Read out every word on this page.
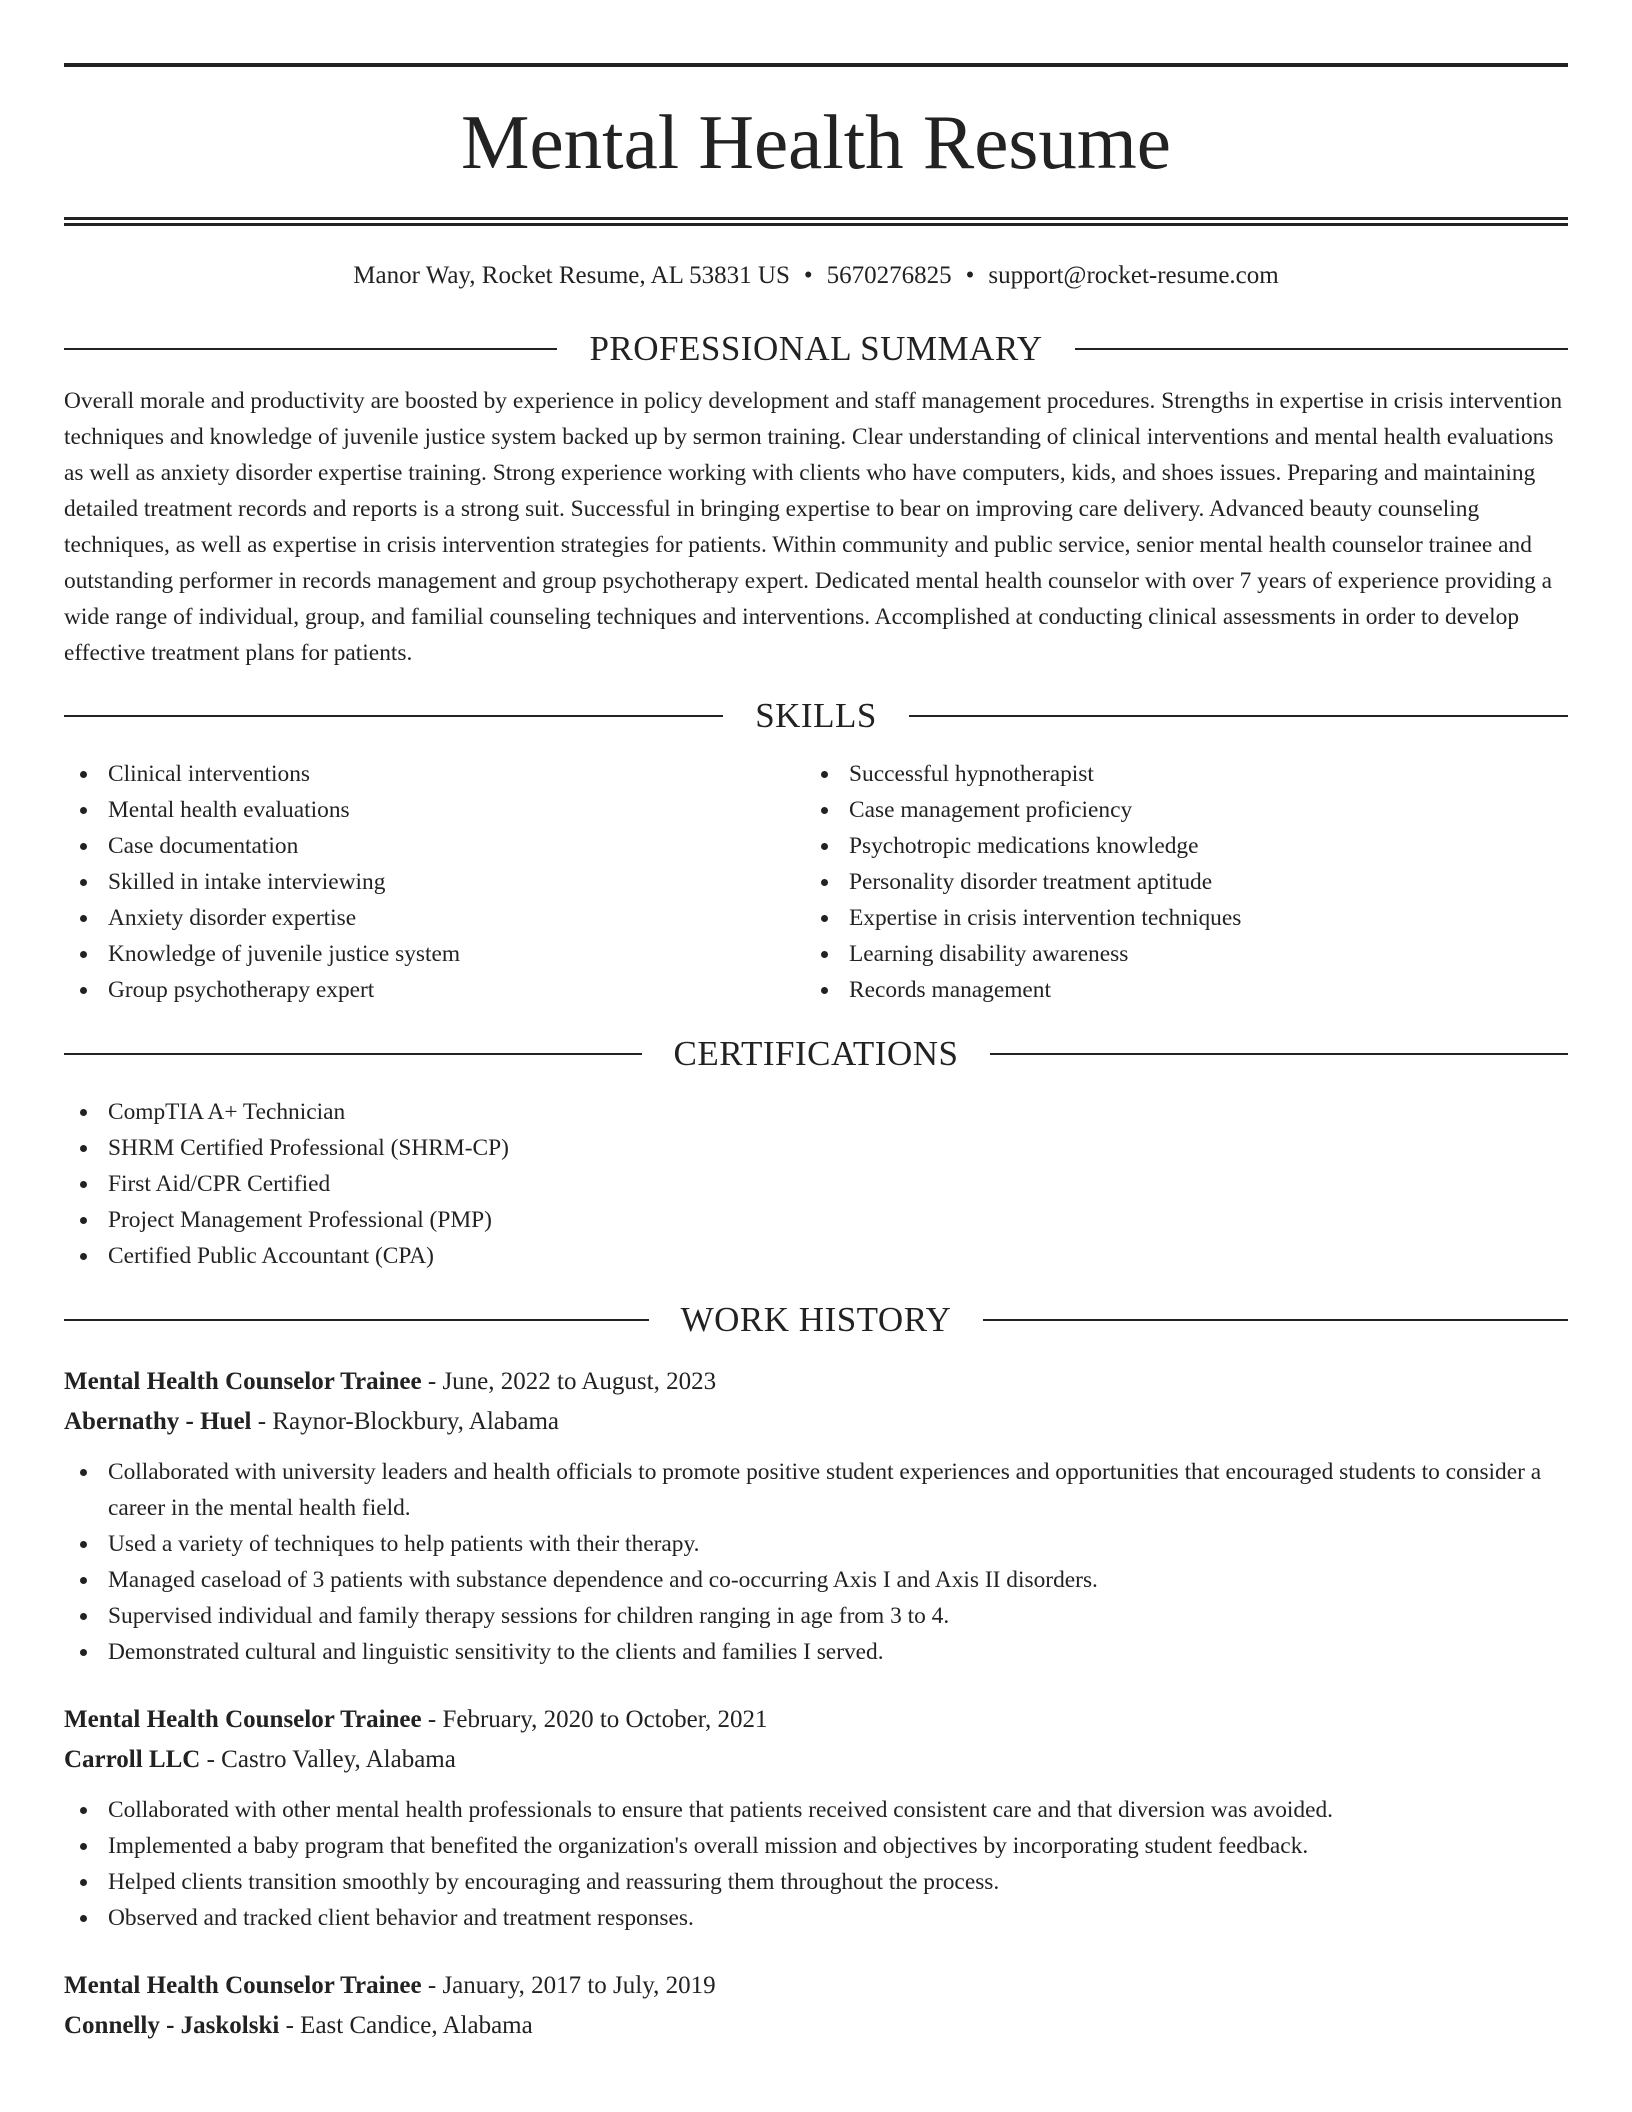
Mental Health Resume
Manor Way, Rocket Resume, AL 53831 US • 5670276825 • support@rocket-resume.com
PROFESSIONAL SUMMARY

Overall morale and productivity are boosted by experience in policy development and staff management procedures. Strengths in expertise in crisis intervention techniques and knowledge of juvenile justice system backed up by sermon training. Clear understanding of clinical interventions and mental health evaluations as well as anxiety disorder expertise training. Strong experience working with clients who have computers, kids, and shoes issues. Preparing and maintaining detailed treatment records and reports is a strong suit. Successful in bringing expertise to bear on improving care delivery. Advanced beauty counseling techniques, as well as expertise in crisis intervention strategies for patients. Within community and public service, senior mental health counselor trainee and outstanding performer in records management and group psychotherapy expert. Dedicated mental health counselor with over 7 years of experience providing a wide range of individual, group, and familial counseling techniques and interventions. Accomplished at conducting clinical assessments in order to develop effective treatment plans for patients.

SKILLS
Clinical interventions
Mental health evaluations
Case documentation
Skilled in intake interviewing
Anxiety disorder expertise
Knowledge of juvenile justice system
Group psychotherapy expert
Successful hypnotherapist
Case management proficiency
Psychotropic medications knowledge
Personality disorder treatment aptitude
Expertise in crisis intervention techniques
Learning disability awareness
Records management
CERTIFICATIONS
CompTIA A+ Technician
SHRM Certified Professional (SHRM-CP)
First Aid/CPR Certified
Project Management Professional (PMP)
Certified Public Accountant (CPA)
WORK HISTORY
Mental Health Counselor Trainee - June, 2022 to August, 2023
Abernathy - Huel - Raynor-Blockbury, Alabama
Collaborated with university leaders and health officials to promote positive student experiences and opportunities that encouraged students to consider a career in the mental health field.
Used a variety of techniques to help patients with their therapy.
Managed caseload of 3 patients with substance dependence and co-occurring Axis I and Axis II disorders.
Supervised individual and family therapy sessions for children ranging in age from 3 to 4.
Demonstrated cultural and linguistic sensitivity to the clients and families I served.
Mental Health Counselor Trainee - February, 2020 to October, 2021
Carroll LLC - Castro Valley, Alabama
Collaborated with other mental health professionals to ensure that patients received consistent care and that diversion was avoided.
Implemented a baby program that benefited the organization's overall mission and objectives by incorporating student feedback.
Helped clients transition smoothly by encouraging and reassuring them throughout the process.
Observed and tracked client behavior and treatment responses.
Mental Health Counselor Trainee - January, 2017 to July, 2019
Connelly - Jaskolski - East Candice, Alabama
